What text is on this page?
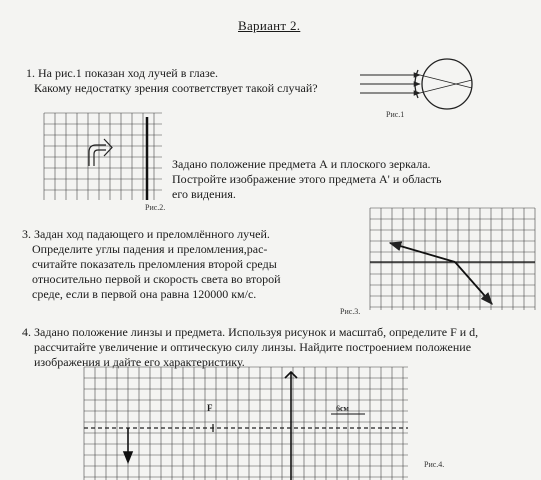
Вариант 2.
1. На рис.1 показан ход лучей в глазе.
Какому недостатку зрения соответствует такой случай?
Рис.1
Задано положение предмета А и плоского зеркала.
Постройте изображение этого предмета А' и область
его видения.
Рис.2.
3. Задан ход падающего и преломлённого лучей.
Определите углы падения и преломления,рас-
считайте показатель преломления второй среды
относительно первой и скорость света во второй
среде, если в первой она равна 120000 км/с.
Рис.3.
4. Задано положение линзы и предмета. Используя рисунок и масштаб, определите F и d,
рассчитайте увеличение и оптическую силу линзы. Найдите построением положение
изображения и дайте его характеристику.
F	6см
Рис.4.
